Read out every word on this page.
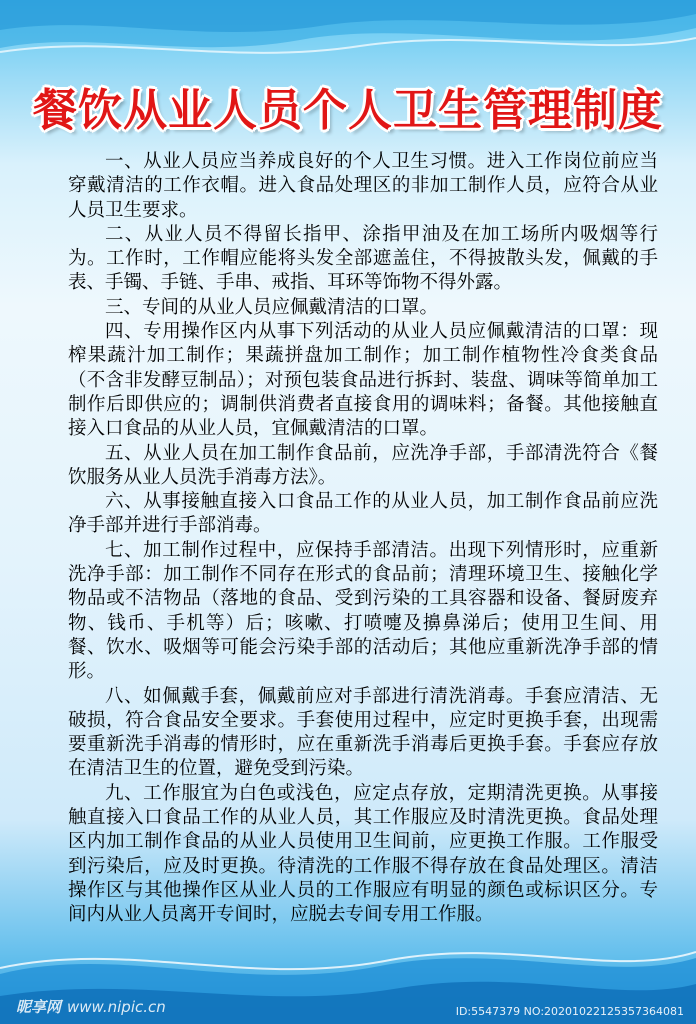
餐饮从业人员个人卫生管理制度

一、从业人员应当养成良好的个人卫生习惯。进入工作岗位前应当穿戴清洁的工作衣帽。进入食品处理区的非加工制作人员，应符合从业人员卫生要求。

二、从业人员不得留长指甲、涂指甲油及在加工场所内吸烟等行为。工作时，工作帽应能将头发全部遮盖住，不得披散头发，佩戴的手表、手镯、手链、手串、戒指、耳环等饰物不得外露。

三、专间的从业人员应佩戴清洁的口罩。

四、专用操作区内从事下列活动的从业人员应佩戴清洁的口罩：现榨果蔬汁加工制作；果蔬拼盘加工制作；加工制作植物性冷食类食品（不含非发酵豆制品）；对预包装食品进行拆封、装盘、调味等简单加工制作后即供应的；调制供消费者直接食用的调味料；备餐。其他接触直接入口食品的从业人员，宜佩戴清洁的口罩。

五、从业人员在加工制作食品前，应洗净手部，手部清洗符合《餐饮服务从业人员洗手消毒方法》。

六、从事接触直接入口食品工作的从业人员，加工制作食品前应洗净手部并进行手部消毒。

七、加工制作过程中，应保持手部清洁。出现下列情形时，应重新洗净手部：加工制作不同存在形式的食品前；清理环境卫生、接触化学物品或不洁物品（落地的食品、受到污染的工具容器和设备、餐厨废弃物、钱币、手机等）后；咳嗽、打喷嚏及擤鼻涕后；使用卫生间、用餐、饮水、吸烟等可能会污染手部的活动后；其他应重新洗净手部的情形。

八、如佩戴手套，佩戴前应对手部进行清洗消毒。手套应清洁、无破损，符合食品安全要求。手套使用过程中，应定时更换手套，出现需要重新洗手消毒的情形时，应在重新洗手消毒后更换手套。手套应存放在清洁卫生的位置，避免受到污染。

九、工作服宜为白色或浅色，应定点存放，定期清洗更换。从事接触直接入口食品工作的从业人员，其工作服应及时清洗更换。食品处理区内加工制作食品的从业人员使用卫生间前，应更换工作服。工作服受到污染后，应及时更换。待清洗的工作服不得存放在食品处理区。清洁操作区与其他操作区从业人员的工作服应有明显的颜色或标识区分。专间内从业人员离开专间时，应脱去专间专用工作服。

昵享网 www.nipic.cn	ID:5547379 NO:20201022125357364081
